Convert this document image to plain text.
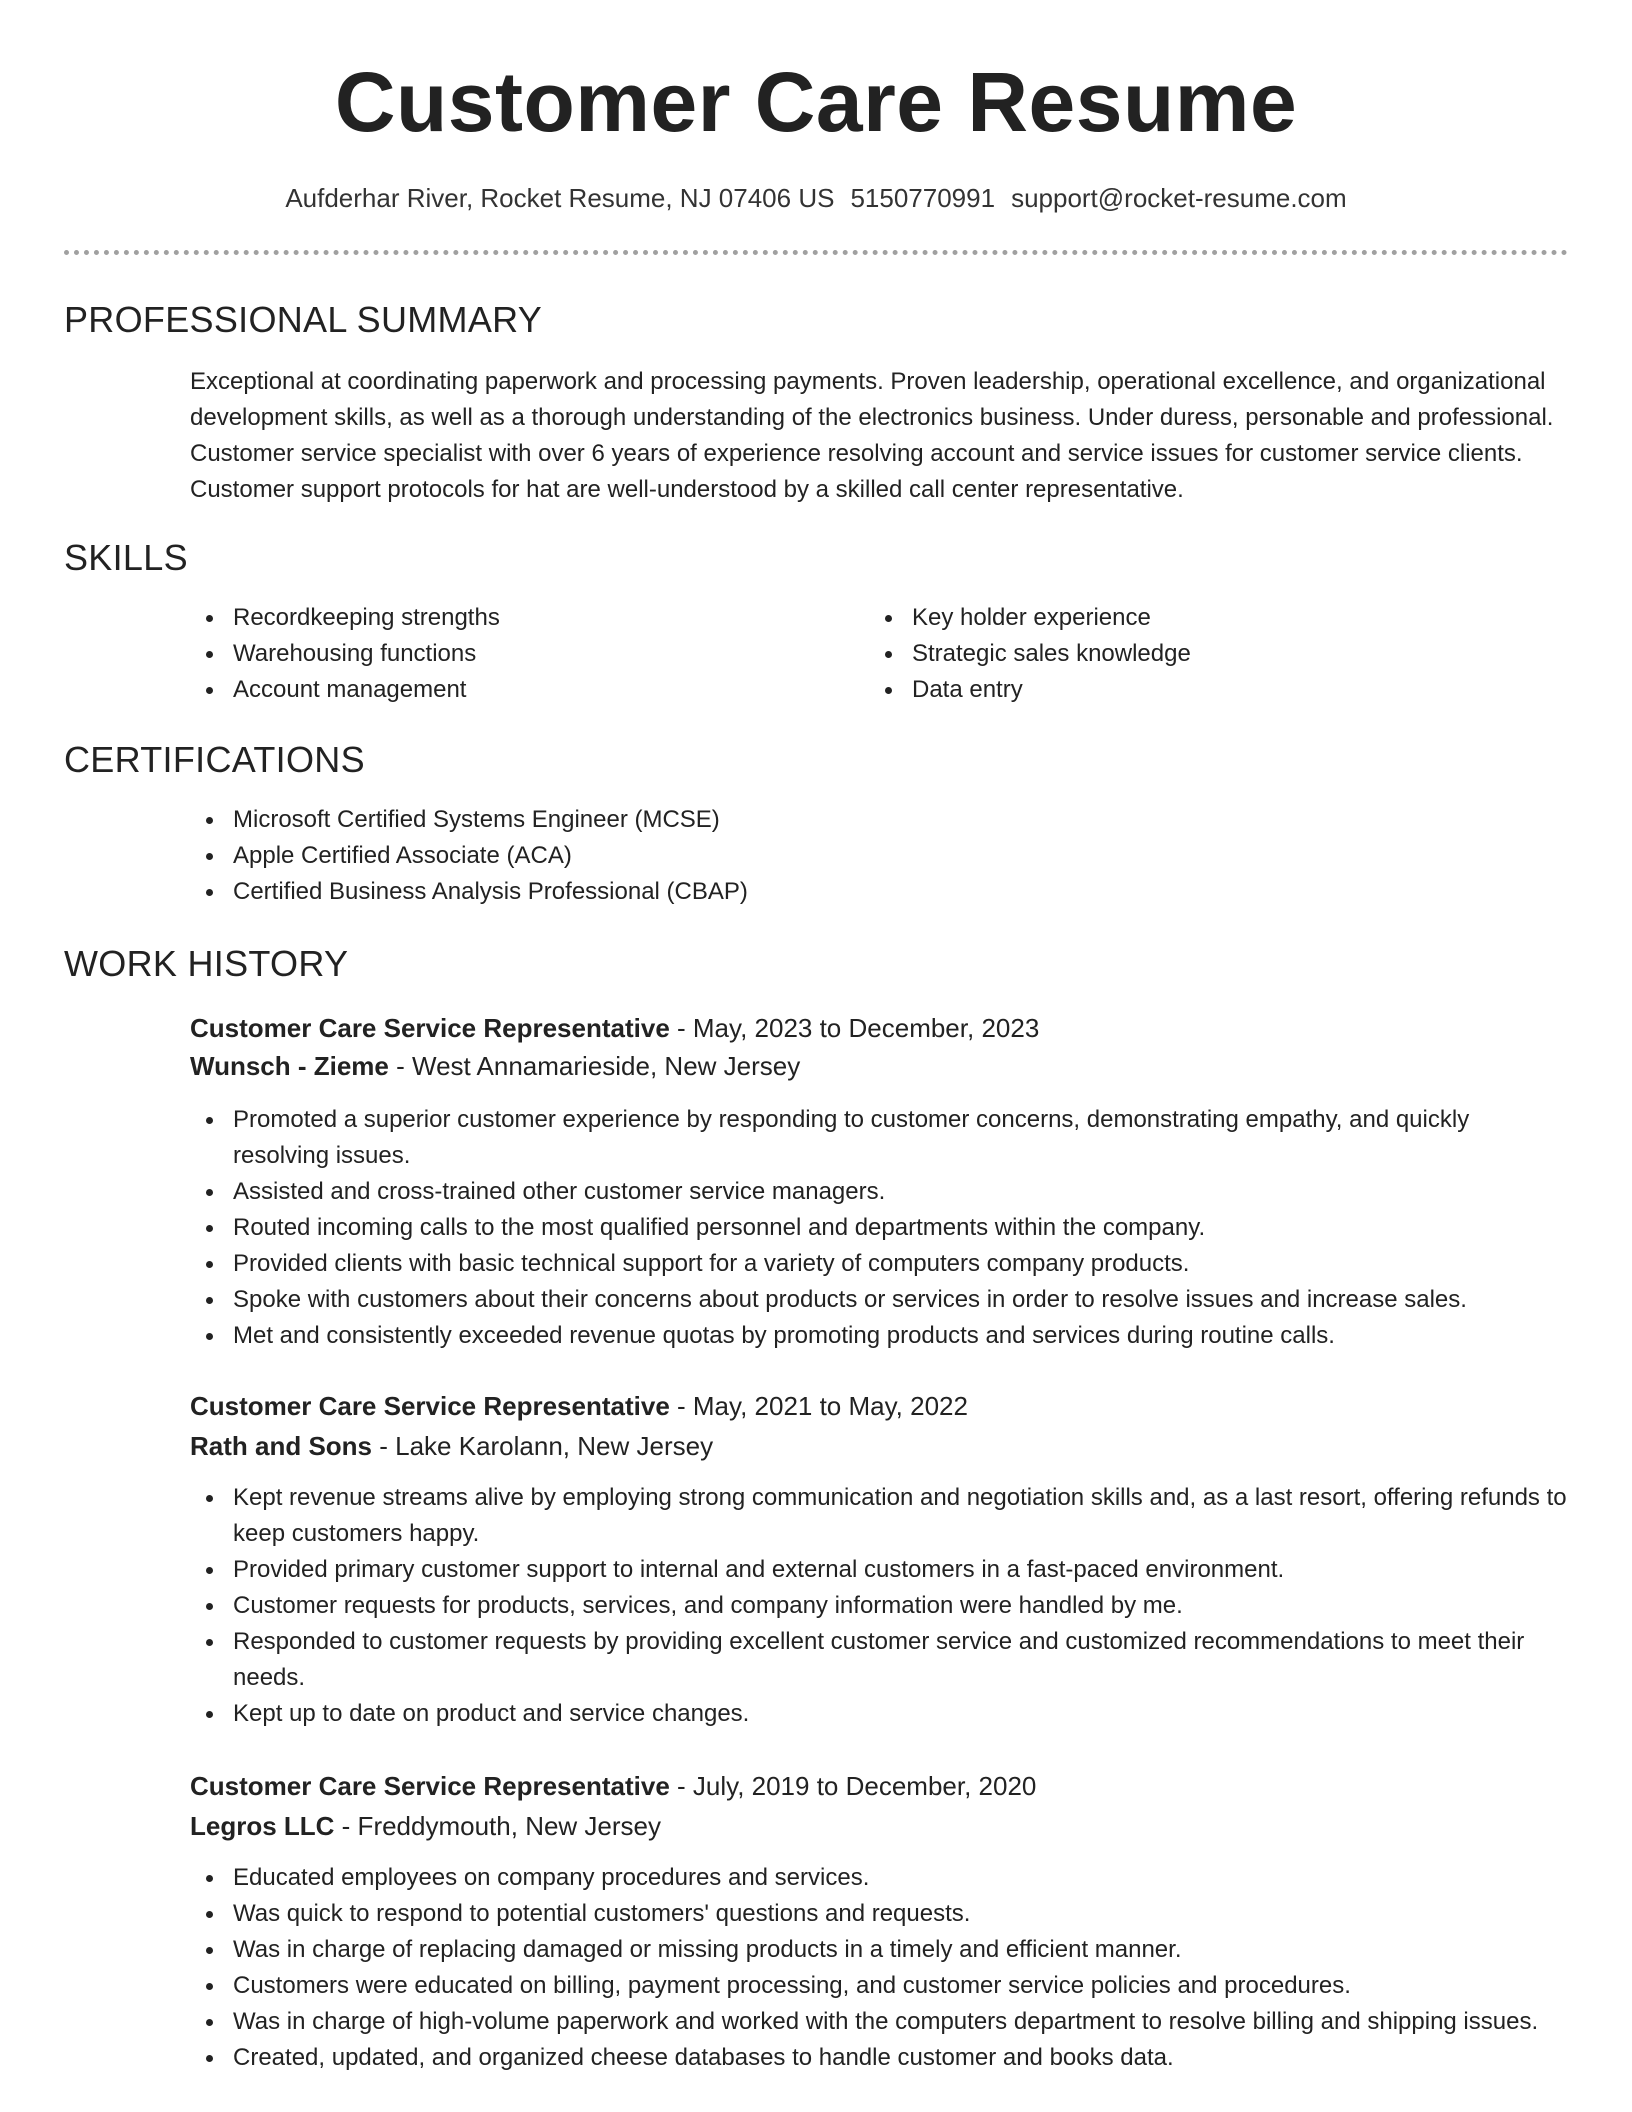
Customer Care Resume
Aufderhar River, Rocket Resume, NJ 07406 US 5150770991 support@rocket-resume.com
PROFESSIONAL SUMMARY

Exceptional at coordinating paperwork and processing payments. Proven leadership, operational excellence, and organizational development skills, as well as a thorough understanding of the electronics business. Under duress, personable and professional. Customer service specialist with over 6 years of experience resolving account and service issues for customer service clients. Customer support protocols for hat are well-understood by a skilled call center representative.

SKILLS
Recordkeeping strengths
Warehousing functions
Account management
Key holder experience
Strategic sales knowledge
Data entry
CERTIFICATIONS
Microsoft Certified Systems Engineer (MCSE)
Apple Certified Associate (ACA)
Certified Business Analysis Professional (CBAP)
WORK HISTORY
Customer Care Service Representative - May, 2023 to December, 2023
Wunsch - Zieme - West Annamarieside, New Jersey
Promoted a superior customer experience by responding to customer concerns, demonstrating empathy, and quickly resolving issues.
Assisted and cross-trained other customer service managers.
Routed incoming calls to the most qualified personnel and departments within the company.
Provided clients with basic technical support for a variety of computers company products.
Spoke with customers about their concerns about products or services in order to resolve issues and increase sales.
Met and consistently exceeded revenue quotas by promoting products and services during routine calls.
Customer Care Service Representative - May, 2021 to May, 2022
Rath and Sons - Lake Karolann, New Jersey
Kept revenue streams alive by employing strong communication and negotiation skills and, as a last resort, offering refunds to keep customers happy.
Provided primary customer support to internal and external customers in a fast-paced environment.
Customer requests for products, services, and company information were handled by me.
Responded to customer requests by providing excellent customer service and customized recommendations to meet their needs.
Kept up to date on product and service changes.
Customer Care Service Representative - July, 2019 to December, 2020
Legros LLC - Freddymouth, New Jersey
Educated employees on company procedures and services.
Was quick to respond to potential customers' questions and requests.
Was in charge of replacing damaged or missing products in a timely and efficient manner.
Customers were educated on billing, payment processing, and customer service policies and procedures.
Was in charge of high-volume paperwork and worked with the computers department to resolve billing and shipping issues.
Created, updated, and organized cheese databases to handle customer and books data.
